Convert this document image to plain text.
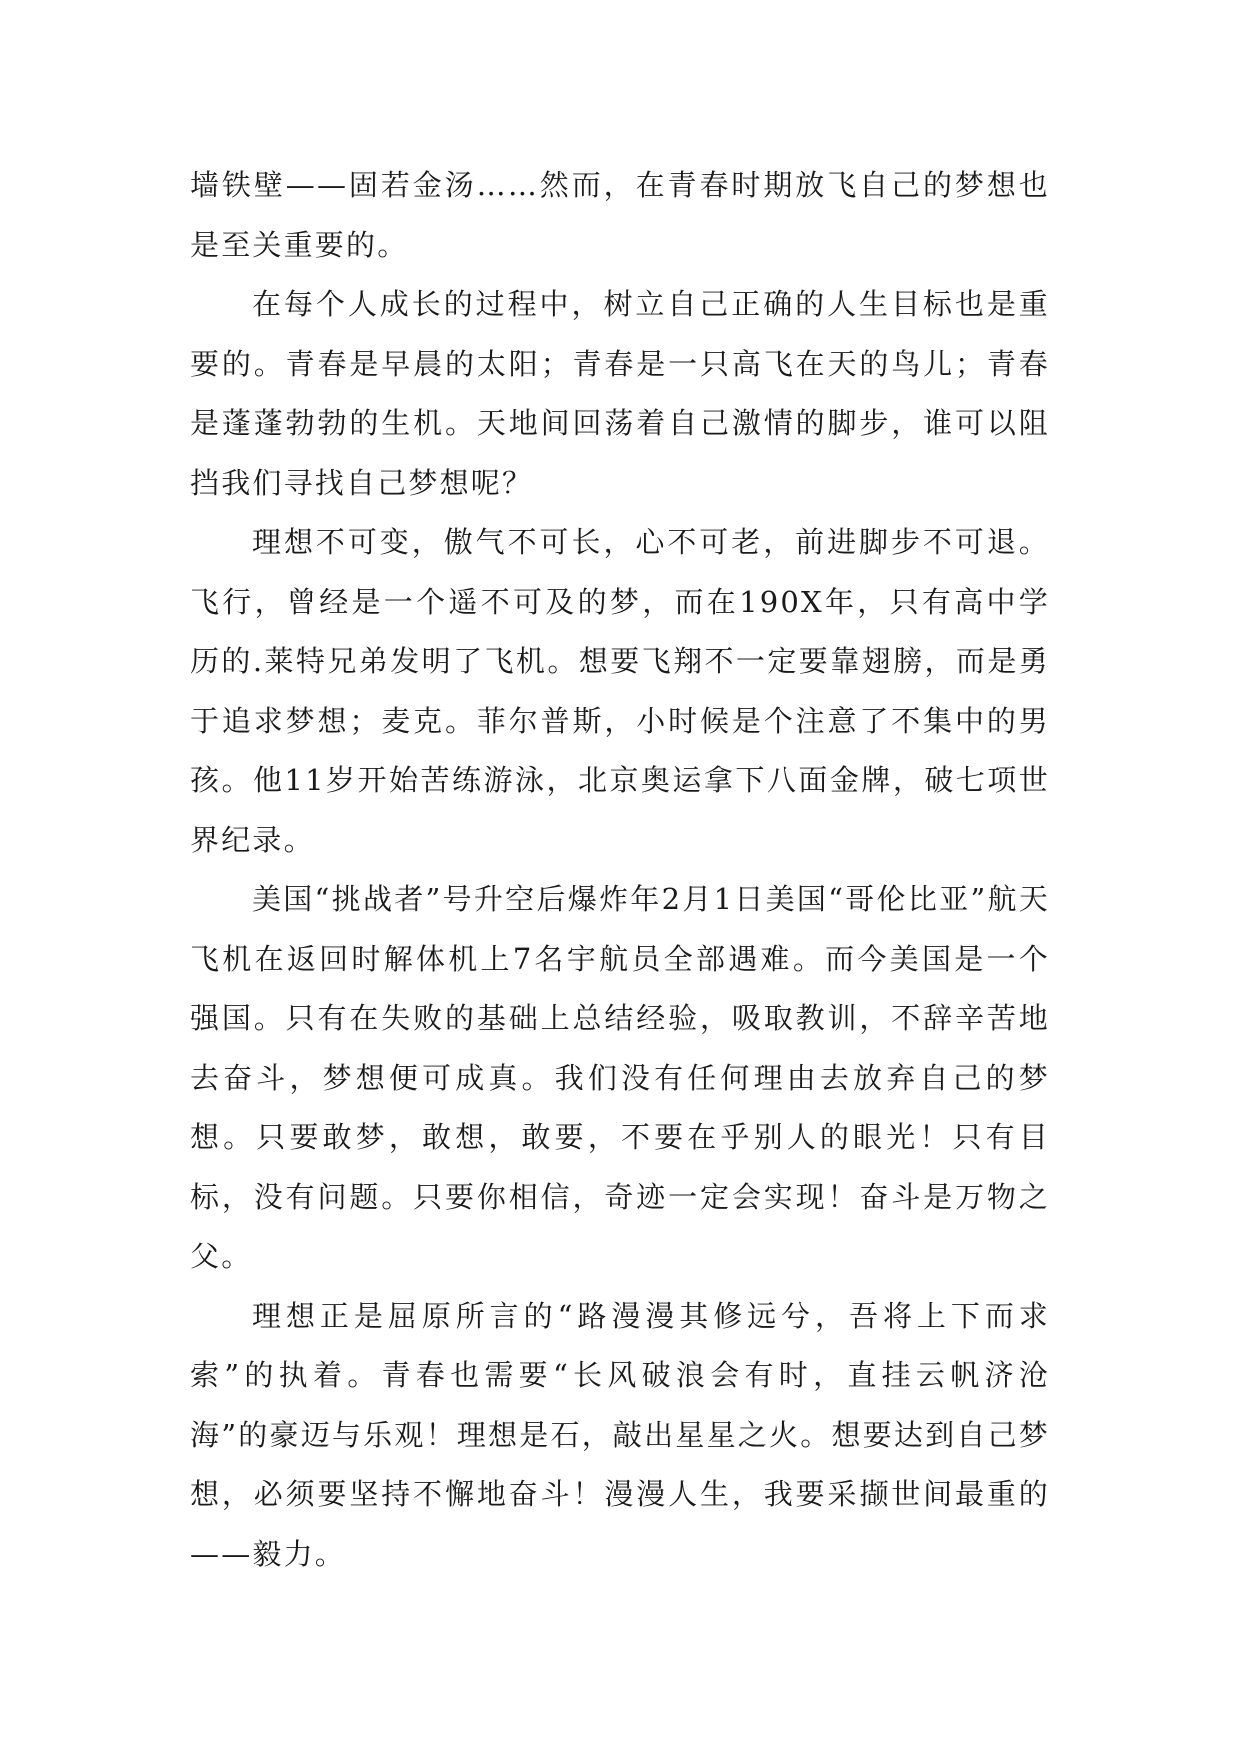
墙铁壁——固若金汤……然而，在青春时期放飞自己的梦想也是至关重要的。

在每个人成长的过程中，树立自己正确的人生目标也是重要的。青春是早晨的太阳；青春是一只高飞在天的鸟儿；青春是蓬蓬勃勃的生机。天地间回荡着自己激情的脚步，谁可以阻挡我们寻找自己梦想呢？

理想不可变，傲气不可长，心不可老，前进脚步不可退。飞行，曾经是一个遥不可及的梦，而在190X年，只有高中学历的.莱特兄弟发明了飞机。想要飞翔不一定要靠翅膀，而是勇于追求梦想；麦克。菲尔普斯，小时候是个注意了不集中的男孩。他11岁开始苦练游泳，北京奥运拿下八面金牌，破七项世界纪录。

美国“挑战者”号升空后爆炸年2月1日美国“哥伦比亚”航天飞机在返回时解体机上7名宇航员全部遇难。而今美国是一个强国。只有在失败的基础上总结经验，吸取教训，不辞辛苦地去奋斗，梦想便可成真。我们没有任何理由去放弃自己的梦想。只要敢梦，敢想，敢要，不要在乎别人的眼光！只有目标，没有问题。只要你相信，奇迹一定会实现！奋斗是万物之父。

理想正是屈原所言的“路漫漫其修远兮，吾将上下而求索”的执着。青春也需要“长风破浪会有时，直挂云帆济沧海”的豪迈与乐观！理想是石，敲出星星之火。想要达到自己梦想，必须要坚持不懈地奋斗！漫漫人生，我要采撷世间最重的——毅力。
